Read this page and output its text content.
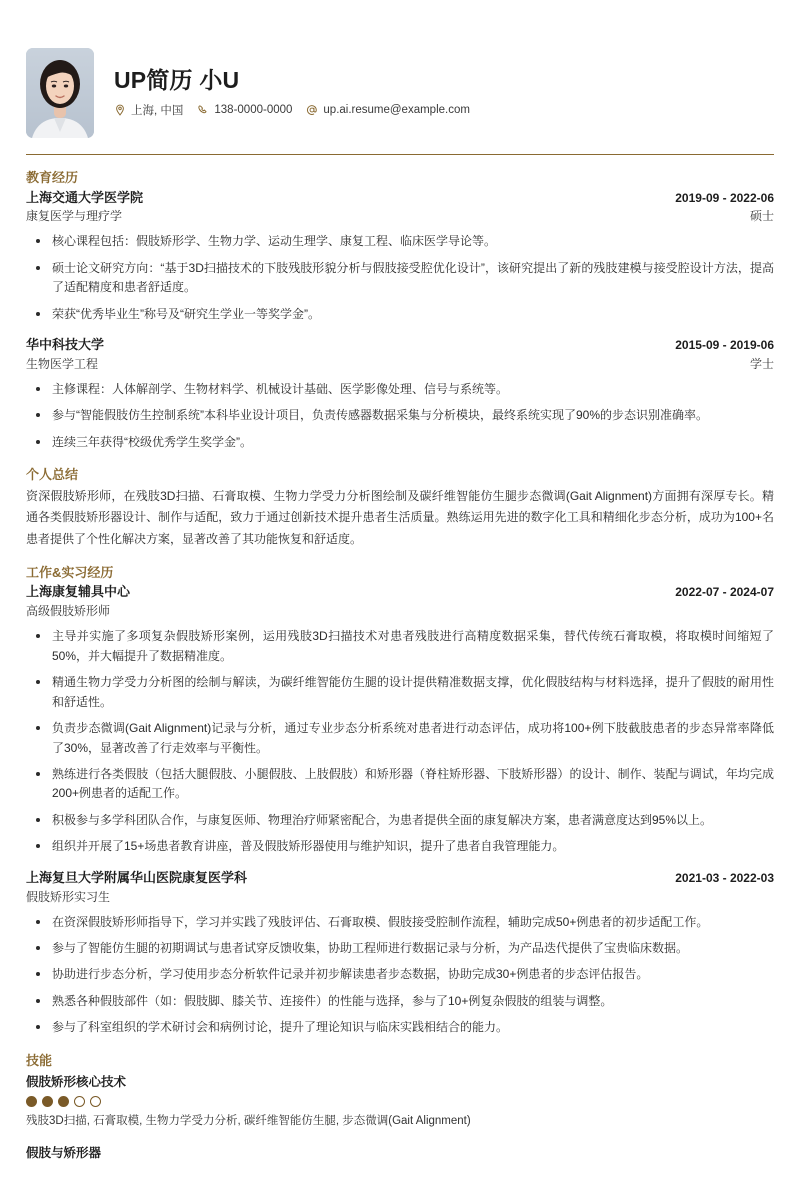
UP简历 小U
上海, 中国	138-0000-0000	up.ai.resume@example.com
教育经历
上海交通大学医学院	2019-09 - 2022-06
康复医学与理疗学	硕士
核心课程包括：假肢矫形学、生物力学、运动生理学、康复工程、临床医学导论等。
硕士论文研究方向：“基于3D扫描技术的下肢残肢形貌分析与假肢接受腔优化设计”，该研究提出了新的残肢建模与接受腔设计方法，提高了适配精度和患者舒适度。
荣获“优秀毕业生”称号及“研究生学业一等奖学金”。
华中科技大学	2015-09 - 2019-06
生物医学工程	学士
主修课程：人体解剖学、生物材料学、机械设计基础、医学影像处理、信号与系统等。
参与“智能假肢仿生控制系统”本科毕业设计项目，负责传感器数据采集与分析模块，最终系统实现了90%的步态识别准确率。
连续三年获得“校级优秀学生奖学金”。
个人总结
资深假肢矫形师，在残肢3D扫描、石膏取模、生物力学受力分析图绘制及碳纤维智能仿生腿步态微调(Gait Alignment)方面拥有深厚专长。精通各类假肢矫形器设计、制作与适配，致力于通过创新技术提升患者生活质量。熟练运用先进的数字化工具和精细化步态分析，成功为100+名患者提供了个性化解决方案，显著改善了其功能恢复和舒适度。
工作&实习经历
上海康复辅具中心	2022-07 - 2024-07
高级假肢矫形师
主导并实施了多项复杂假肢矫形案例，运用残肢3D扫描技术对患者残肢进行高精度数据采集，替代传统石膏取模，将取模时间缩短了50%，并大幅提升了数据精准度。
精通生物力学受力分析图的绘制与解读，为碳纤维智能仿生腿的设计提供精准数据支撑，优化假肢结构与材料选择，提升了假肢的耐用性和舒适性。
负责步态微调(Gait Alignment)记录与分析，通过专业步态分析系统对患者进行动态评估，成功将100+例下肢截肢患者的步态异常率降低了30%，显著改善了行走效率与平衡性。
熟练进行各类假肢（包括大腿假肢、小腿假肢、上肢假肢）和矫形器（脊柱矫形器、下肢矫形器）的设计、制作、装配与调试，年均完成200+例患者的适配工作。
积极参与多学科团队合作，与康复医师、物理治疗师紧密配合，为患者提供全面的康复解决方案，患者满意度达到95%以上。
组织并开展了15+场患者教育讲座，普及假肢矫形器使用与维护知识，提升了患者自我管理能力。
上海复旦大学附属华山医院康复医学科	2021-03 - 2022-03
假肢矫形实习生
在资深假肢矫形师指导下，学习并实践了残肢评估、石膏取模、假肢接受腔制作流程，辅助完成50+例患者的初步适配工作。
参与了智能仿生腿的初期调试与患者试穿反馈收集，协助工程师进行数据记录与分析，为产品迭代提供了宝贵临床数据。
协助进行步态分析，学习使用步态分析软件记录并初步解读患者步态数据，协助完成30+例患者的步态评估报告。
熟悉各种假肢部件（如：假肢脚、膝关节、连接件）的性能与选择，参与了10+例复杂假肢的组装与调整。
参与了科室组织的学术研讨会和病例讨论，提升了理论知识与临床实践相结合的能力。
技能
假肢矫形核心技术
残肢3D扫描, 石膏取模, 生物力学受力分析, 碳纤维智能仿生腿, 步态微调(Gait Alignment)
假肢与矫形器
